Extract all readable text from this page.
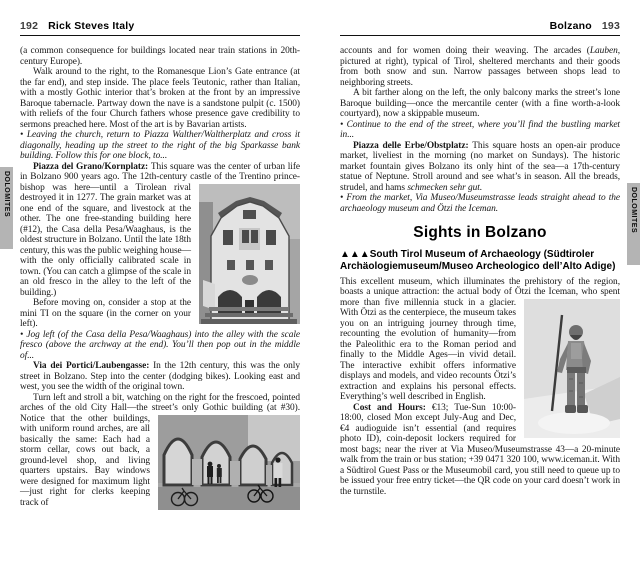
192 Rick Steves Italy

(a common consequence for buildings located near train stations in 20th-century Europe).

Walk around to the right, to the Romanesque Lion’s Gate entrance (at the far end), and step inside. The place feels Teutonic, rather than Italian, with a mostly Gothic interior that’s broken at the front by an impressive Baroque tabernacle. Partway down the nave is a sandstone pulpit (c. 1500) with reliefs of the four Church fathers whose presence gave credibility to sermons preached here. Most of the art is by Bavarian artists.

• Leaving the church, return to Piazza Walther/Waltherplatz and cross it diagonally, heading up the street to the right of the big Sparkasse bank building. Follow this for one block, to...

Piazza del Grano/Kornplatz: This square was the center of urban life in Bolzano 900 years ago. The 12th-century castle of
the Trentino prince-bishop was here—until a Tirolean rival destroyed it in 1277. The grain market was at one end of the square, and livestock at the other. The one free-standing building here (#12), the Casa della Pesa/Waaghaus, is the oldest structure in Bolzano. Until the late 18th century, this was the public weighing house—with the only officially calibrated scale in town. (You can catch a glimpse of the scale in an old fresco in the alley to the left of the building.)

Before moving on, consider a stop at the mini TI on the square (in the corner on your left).

• Jog left (of the Casa della Pesa/Waaghaus) into the alley with the scale fresco (above the archway at the end). You’ll then pop out in the middle of...

Via dei Portici/Laubengasse: In the 12th century, this was the only street in Bolzano. Step into the center (dodging bikes). Looking east and west, you see the width of the original town.

Turn left and stroll a bit, watching on the right for the frescoed, pointed arches of the old City Hall—the street’s only Gothic
building (at #30). Notice that the other buildings, with uniform round arches, are all basically the same: Each had a storm cellar, cows out back, a ground-level shop, and living quarters upstairs. Bay windows were designed for maximum light—just right for clerks keeping track of

Bolzano 193

accounts and for women doing their weaving. The arcades (Lauben, pictured at right), typical of Tirol, sheltered merchants and their goods from both snow and sun. Narrow passages between shops lead to neighboring streets.

A bit farther along on the left, the only balcony marks the street’s lone Baroque building—once the mercantile center (with a fine worth-a-look courtyard), now a skippable museum.

• Continue to the end of the street, where you’ll find the bustling market in...

Piazza delle Erbe/Obstplatz: This square hosts an open-air produce market, liveliest in the morning (no market on Sundays). The historic market fountain gives Bolzano its only hint of the sea—a 17th-century statue of Neptune. Stroll around and see what’s in season. All the breads, strudel, and hams schmecken sehr gut.

• From the market, Via Museo/Museumstrasse leads straight ahead to the archaeology museum and Ötzi the Iceman.

Sights in Bolzano

▲▲▲South Tirol Museum of Archaeology (Südtiroler Archäologiemuseum/Museo Archeologico dell’Alto Adige)

This excellent museum, which illuminates the prehistory of the region, boasts a unique attraction: the actual body of Ötzi the Iceman,
who spent more than five millennia stuck in a glacier. With Ötzi as the centerpiece, the museum takes you on an intriguing journey through time, recounting the evolution of humanity—from the Paleolithic era to the Roman period and finally to the Middle Ages—in vivid detail. The interactive exhibit offers informative displays and models, and video recounts Ötzi’s extraction and explains his personal effects. Everything’s well described in English.

Cost and Hours: €13; Tue-Sun 10:00-18:00, closed Mon except July-Aug and Dec, €4 audioguide isn’t essential (and requires photo ID), coin-deposit lockers required for most bags; near the river at Via Museo/Museumstrasse 43—a 20-minute walk from the train or bus station; +39 0471 320 100, www.iceman.it. With a Südtirol Guest Pass or the Museumobil card, you still need to queue up to be issued your free entry ticket—the QR code on your card doesn’t work in the turnstile.

DOLOMITES	DOLOMITES
